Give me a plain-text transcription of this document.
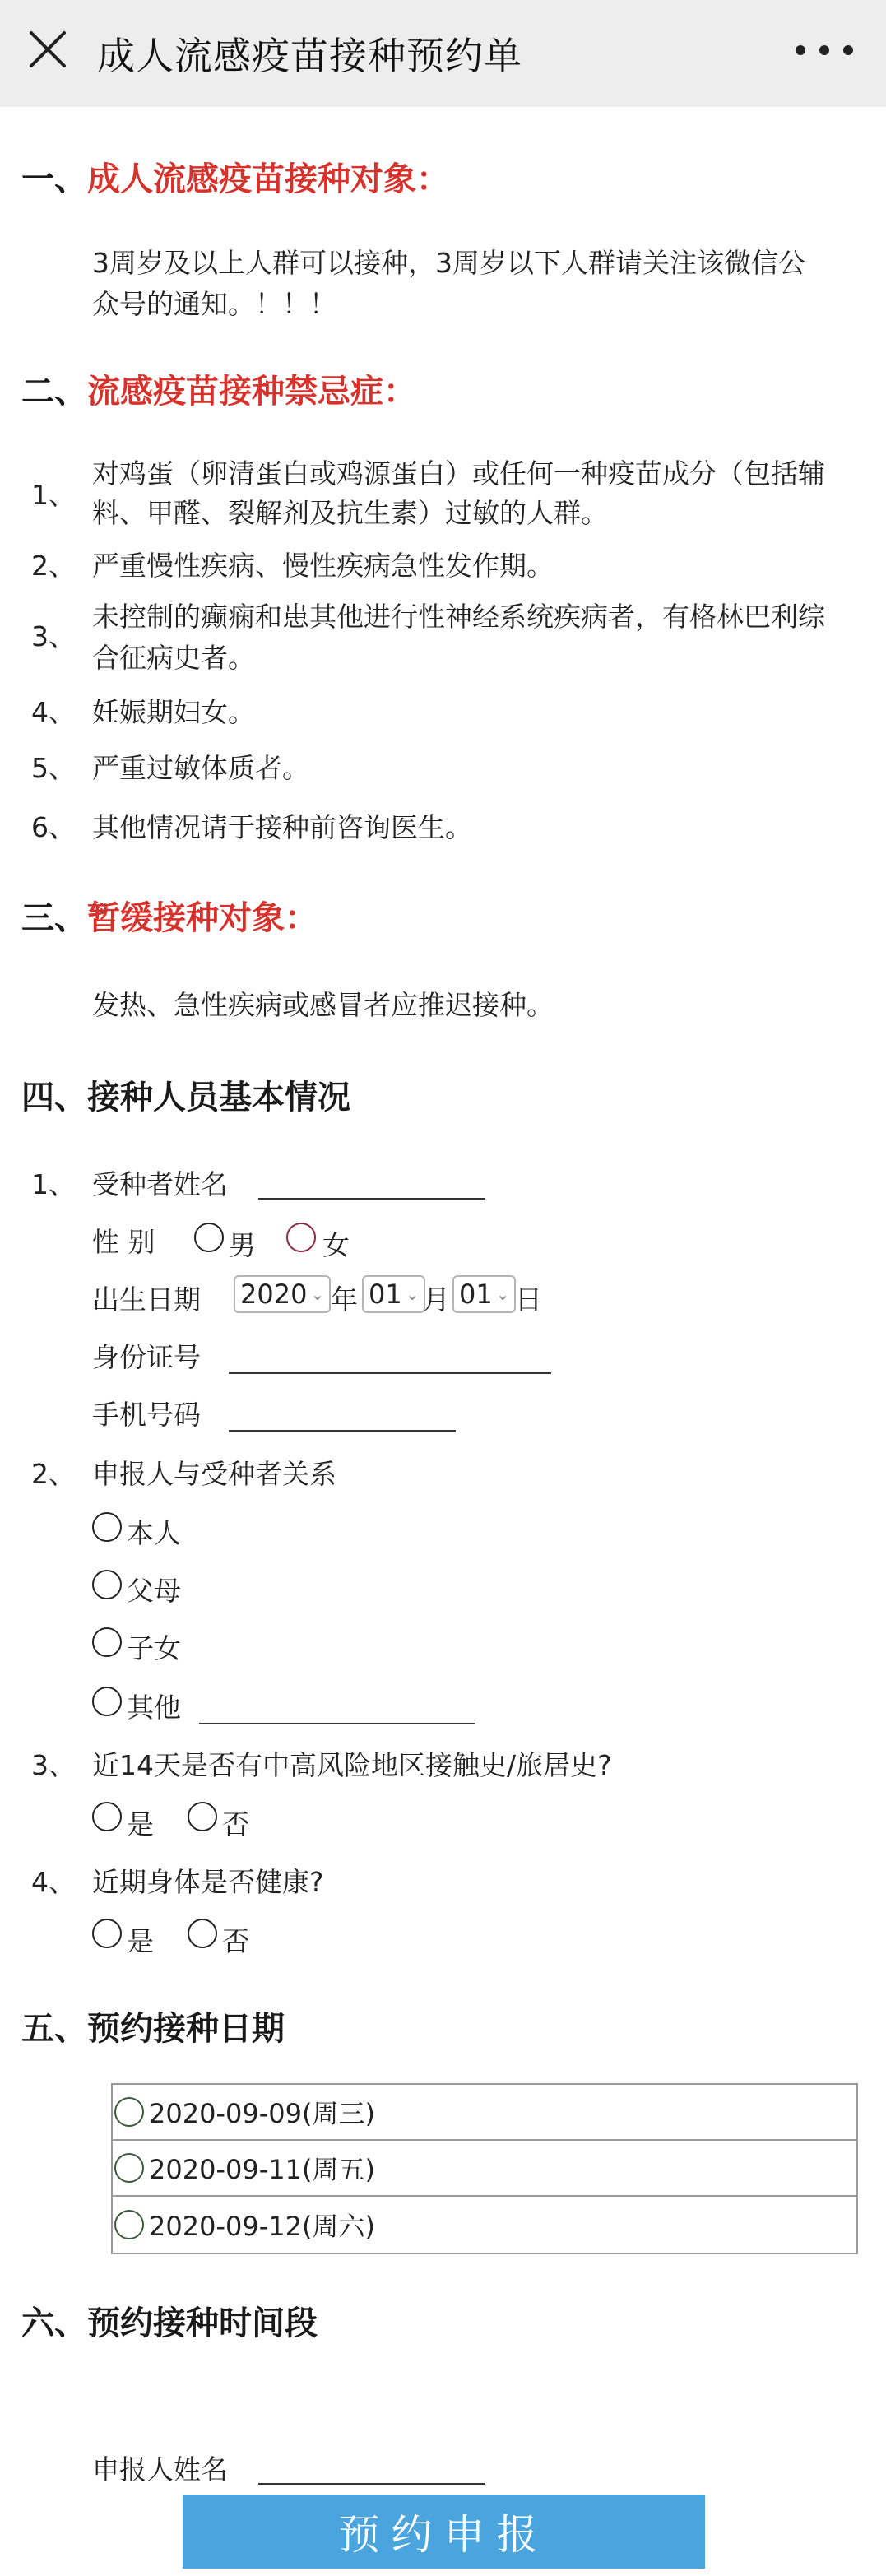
成人流感疫苗接种预约单
一、成人流感疫苗接种对象：
3周岁及以上人群可以接种，3周岁以下人群请关注该微信公
众号的通知。！！！
二、流感疫苗接种禁忌症：
1、
对鸡蛋（卵清蛋白或鸡源蛋白）或任何一种疫苗成分（包括辅
料、甲醛、裂解剂及抗生素）过敏的人群。
2、 严重慢性疾病、慢性疾病急性发作期。
3、
未控制的癫痫和患其他进行性神经系统疾病者，有格林巴利综
合征病史者。
4、 妊娠期妇女。
5、 严重过敏体质者。
6、 其他情况请于接种前咨询医生。
三、暂缓接种对象：
发热、急性疾病或感冒者应推迟接种。
四、接种人员基本情况
1、 受种者姓名
性 别	男 女
出生日期 2020 ⌄ 年 01 ⌄ 月 01 ⌄ 日
身份证号
手机号码
2、 申报人与受种者关系
本人
父母
子女
其他
3、 近14天是否有中高风险地区接触史/旅居史?
是	否
4、 近期身体是否健康?
是	否
五、预约接种日期
2020-09-09(周三)
2020-09-11(周五)
2020-09-12(周六)
六、预约接种时间段
申报人姓名
预约申报
